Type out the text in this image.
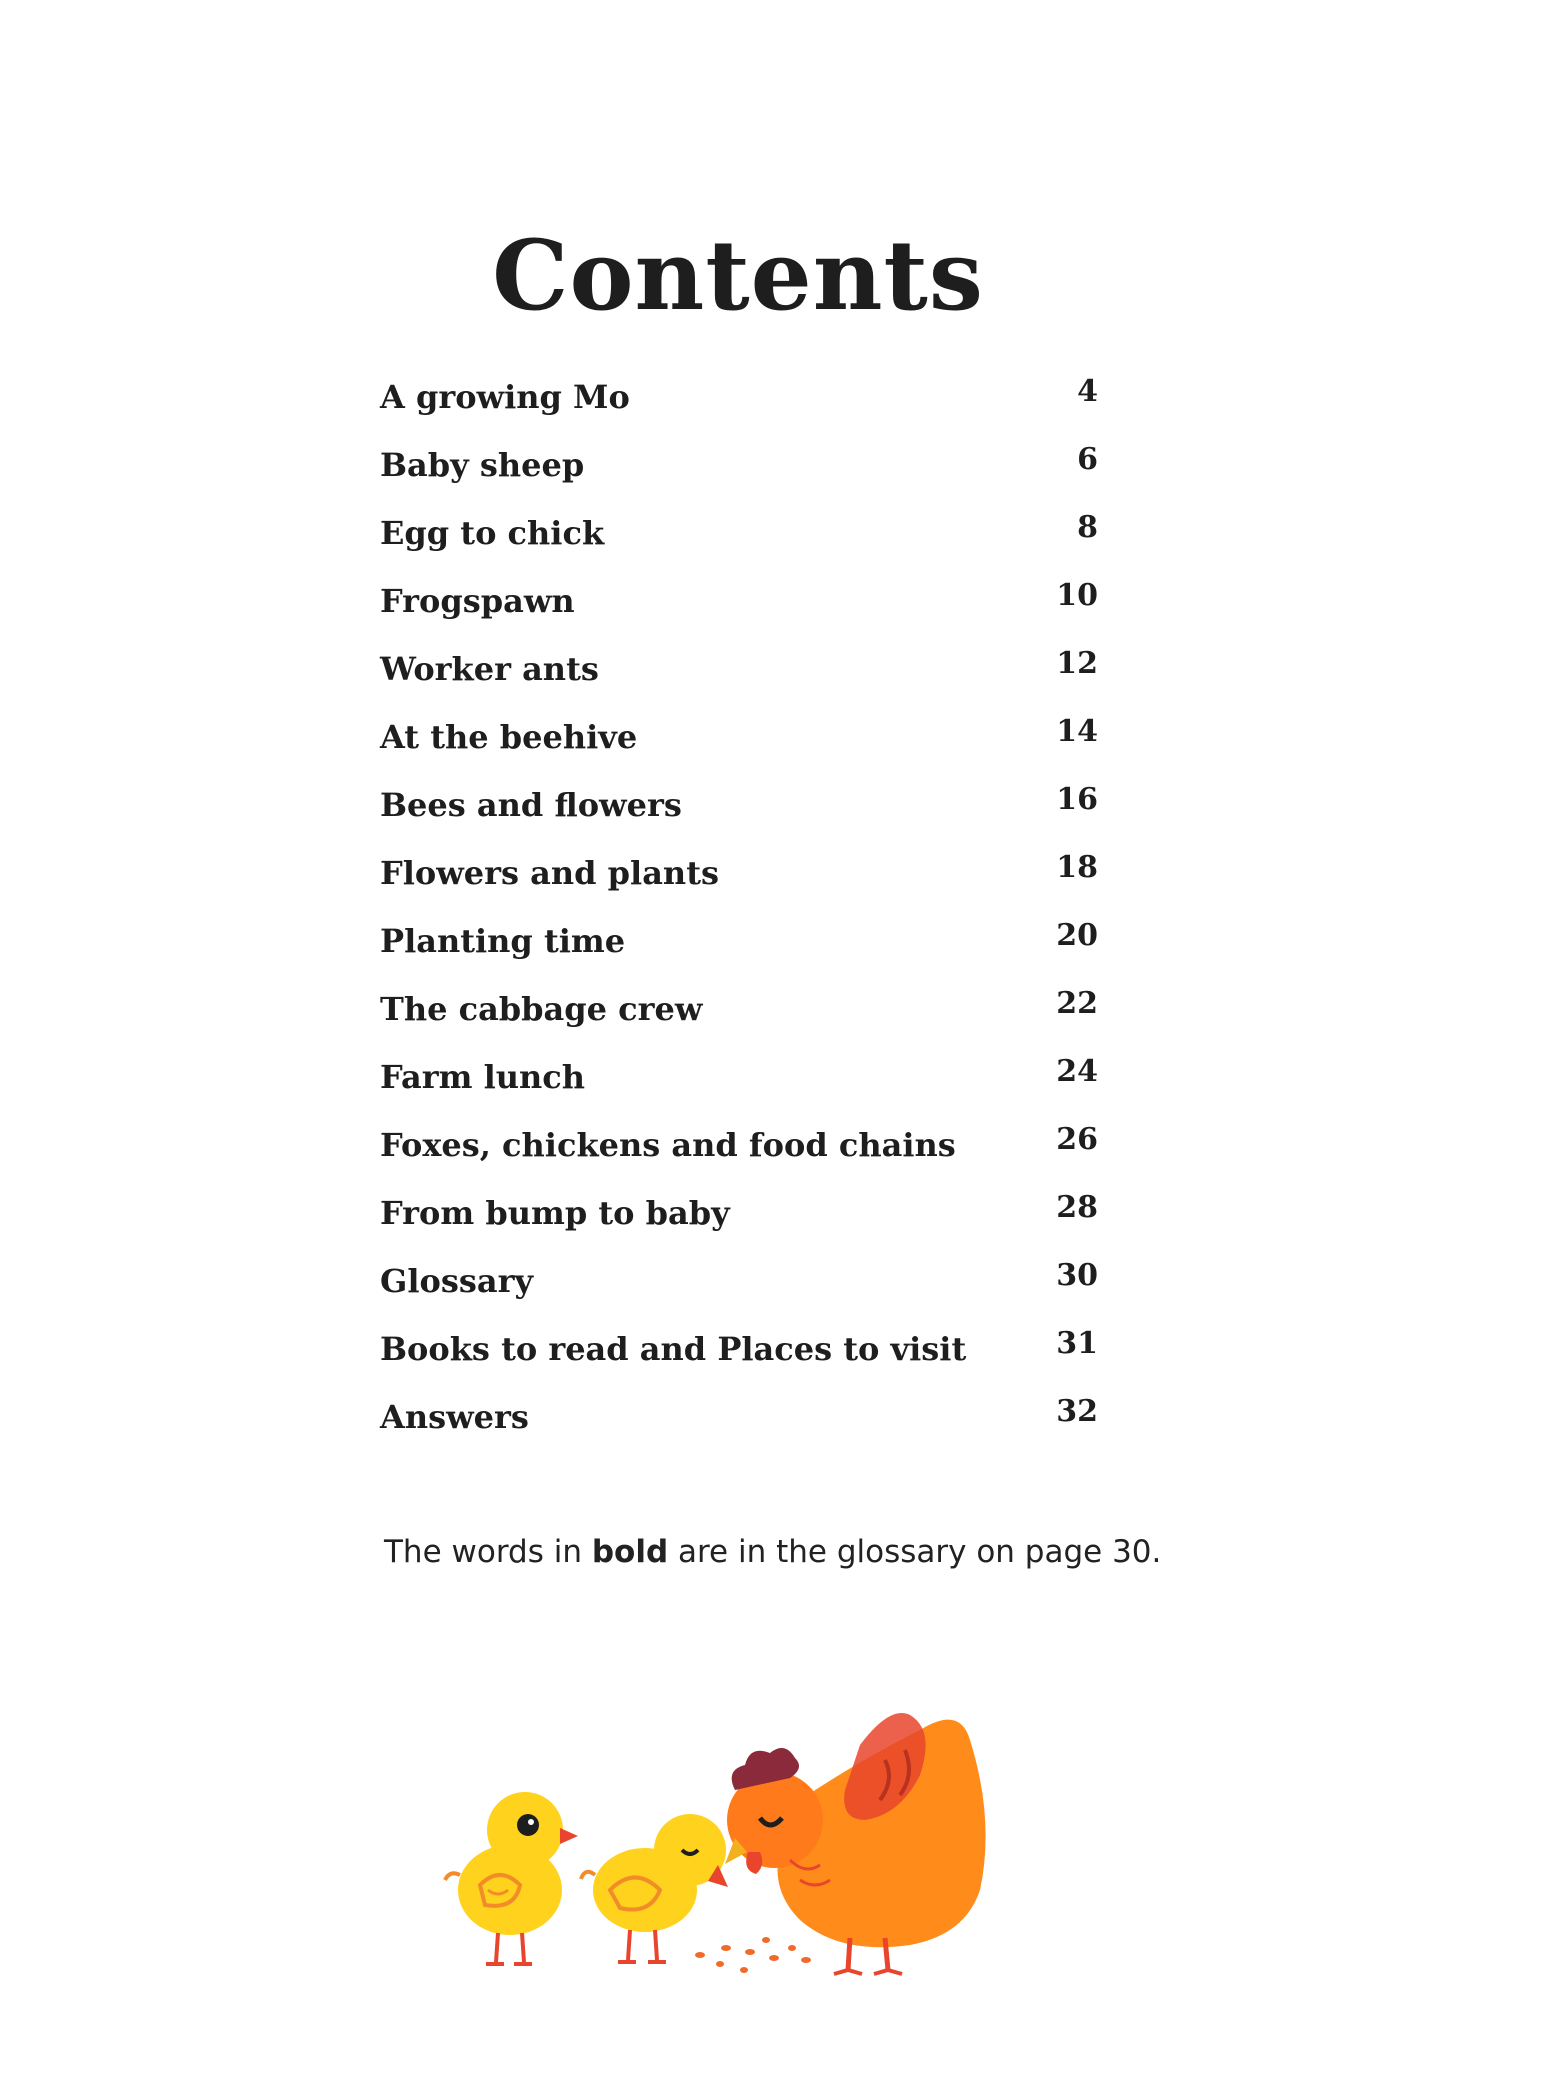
Contents
A growing Mo	4
Baby sheep	6
Egg to chick	8
Frogspawn	10
Worker ants	12
At the beehive	14
Bees and flowers	16
Flowers and plants	18
Planting time	20
The cabbage crew	22
Farm lunch	24
Foxes, chickens and food chains	26
From bump to baby	28
Glossary	30
Books to read and Places to visit	31
Answers	32
The words in bold are in the glossary on page 30.
